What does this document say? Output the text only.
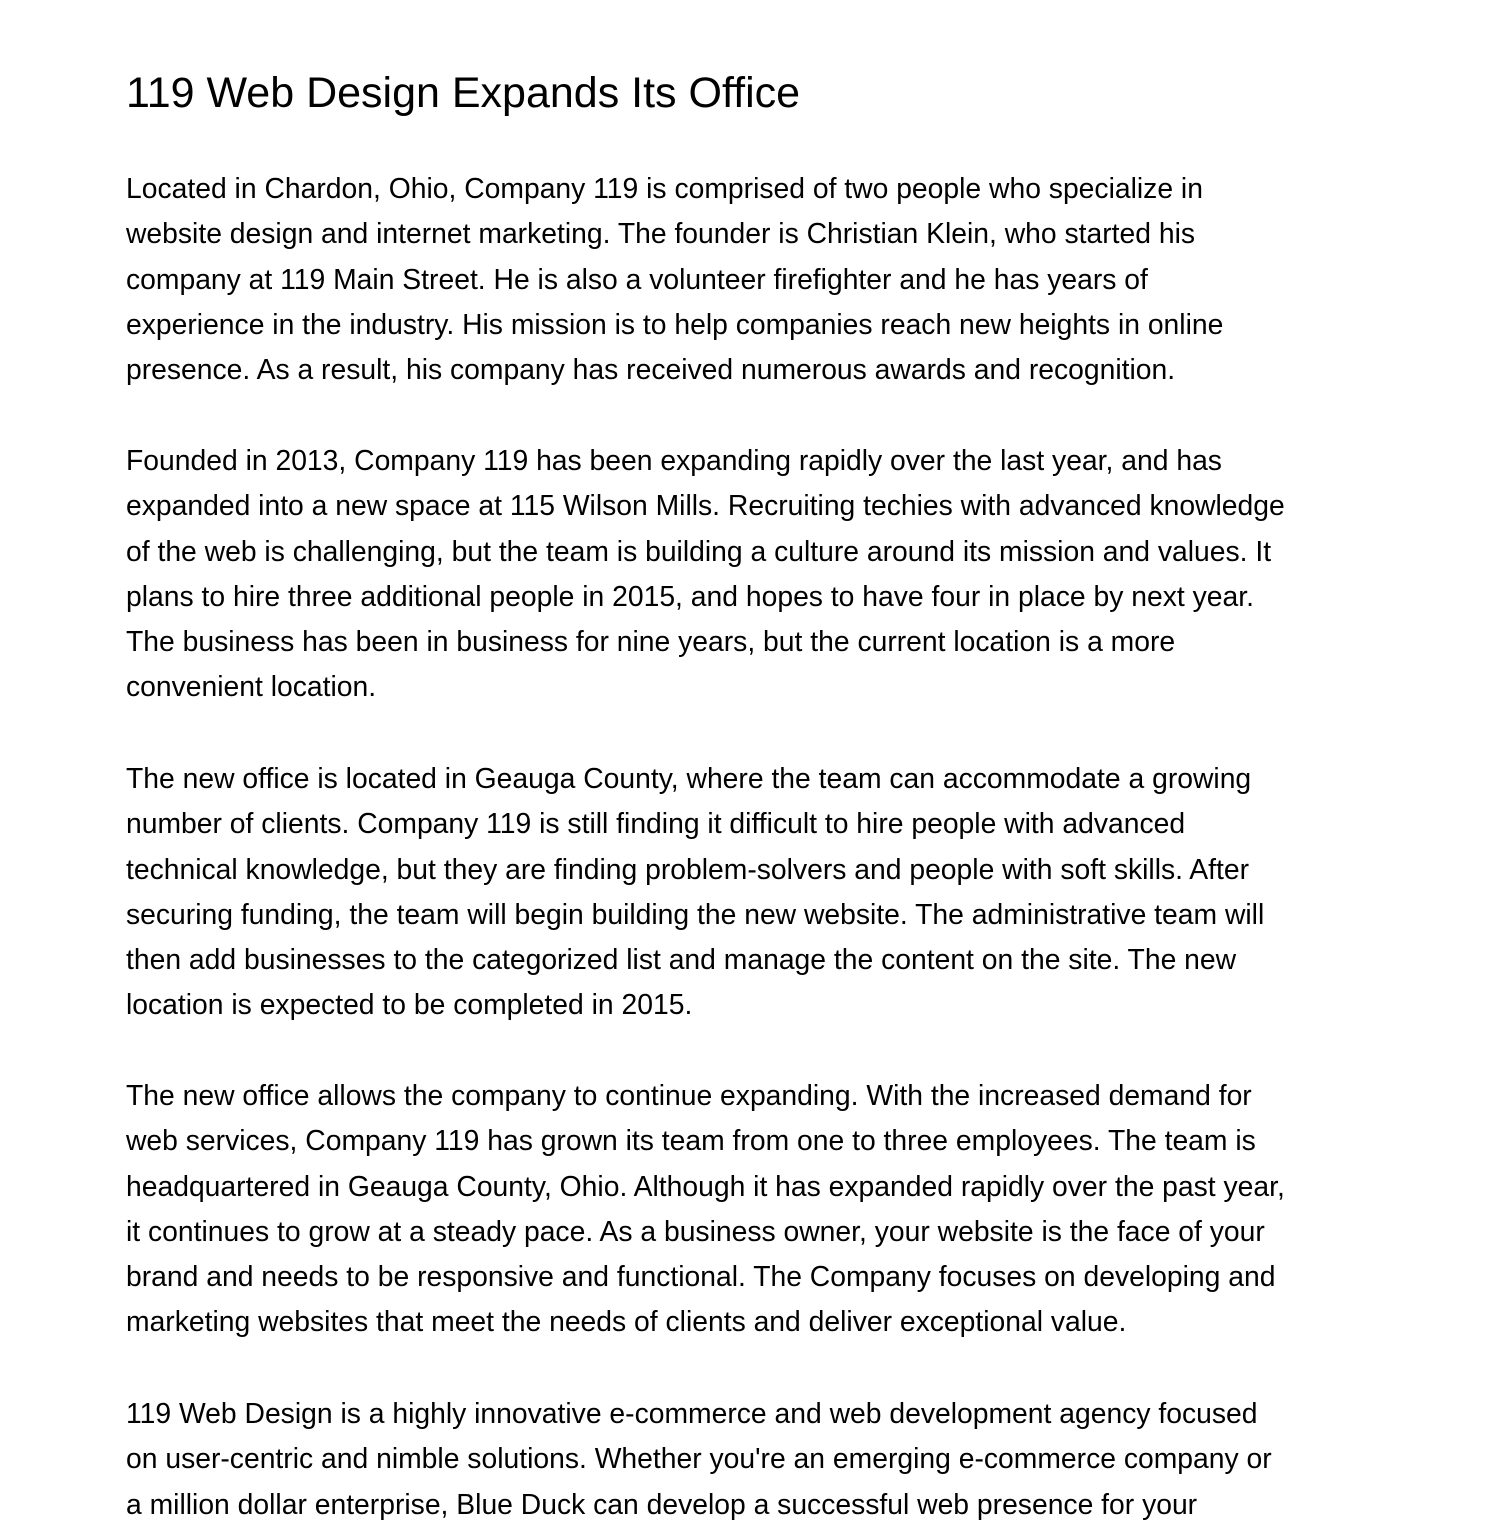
119 Web Design Expands Its Office

Located in Chardon, Ohio, Company 119 is comprised of two people who specialize in
website design and internet marketing. The founder is Christian Klein, who started his
company at 119 Main Street. He is also a volunteer firefighter and he has years of
experience in the industry. His mission is to help companies reach new heights in online
presence. As a result, his company has received numerous awards and recognition.

Founded in 2013, Company 119 has been expanding rapidly over the last year, and has
expanded into a new space at 115 Wilson Mills. Recruiting techies with advanced knowledge
of the web is challenging, but the team is building a culture around its mission and values. It
plans to hire three additional people in 2015, and hopes to have four in place by next year.
The business has been in business for nine years, but the current location is a more
convenient location.

The new office is located in Geauga County, where the team can accommodate a growing
number of clients. Company 119 is still finding it difficult to hire people with advanced
technical knowledge, but they are finding problem-solvers and people with soft skills. After
securing funding, the team will begin building the new website. The administrative team will
then add businesses to the categorized list and manage the content on the site. The new
location is expected to be completed in 2015.

The new office allows the company to continue expanding. With the increased demand for
web services, Company 119 has grown its team from one to three employees. The team is
headquartered in Geauga County, Ohio. Although it has expanded rapidly over the past year,
it continues to grow at a steady pace. As a business owner, your website is the face of your
brand and needs to be responsive and functional. The Company focuses on developing and
marketing websites that meet the needs of clients and deliver exceptional value.

119 Web Design is a highly innovative e-commerce and web development agency focused
on user-centric and nimble solutions. Whether you're an emerging e-commerce company or
a million dollar enterprise, Blue Duck can develop a successful web presence for your
